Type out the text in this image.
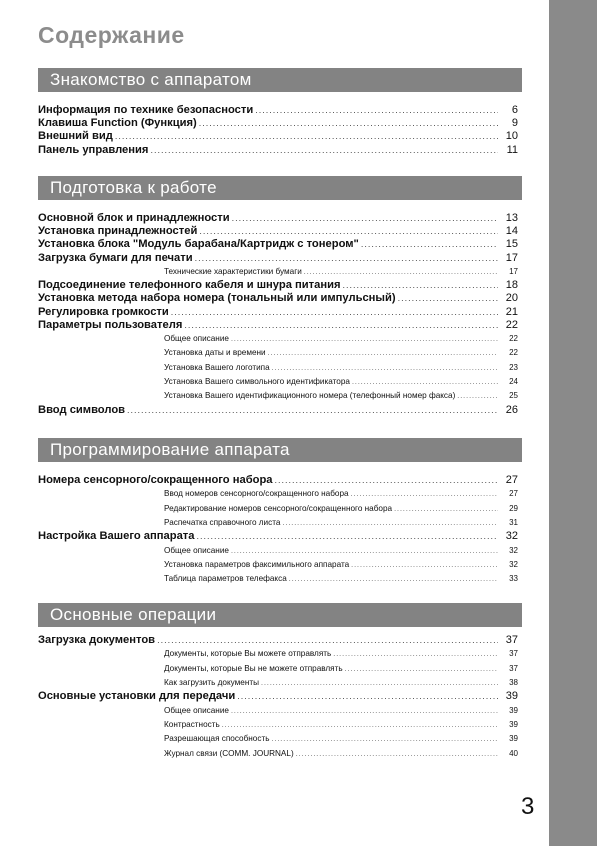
Содержание
Знакомство с аппаратом
Информация по технике безопасности .....	6
Клавиша Function (Функция) .....	9
Внешний вид .....	10
Панель управления .....	11
Подготовка к работе
Основной блок и принадлежности .....	13
Установка принадлежностей .....	14
Установка блока "Модуль барабана/Картридж с тонером" .....	15
Загрузка бумаги для печати .....	17
Технические характеристики бумаги .....	17
Подсоединение телефонного кабеля и шнура питания .....	18
Установка метода набора номера (тональный или импульсный) .....	20
Регулировка громкости .....	21
Параметры пользователя .....	22
Общее описание .....	22
Установка даты и времени .....	22
Установка Вашего логотипа .....	23
Установка Вашего символьного идентификатора .....	24
Установка Вашего идентификационного номера (телефонный номер факса) .....	25
Ввод символов .....	26
Программирование аппарата
Номера сенсорного/сокращенного набора .....	27
Ввод номеров сенсорного/сокращенного набора .....	27
Редактирование номеров сенсорного/сокращенного набора .....	29
Распечатка справочного листа .....	31
Настройка Вашего аппарата .....	32
Общее описание .....	32
Установка параметров факсимильного аппарата .....	32
Таблица параметров телефакса .....	33
Основные операции
Загрузка документов .....	37
Документы, которые Вы можете отправлять .....	37
Документы, которые Вы не можете отправлять .....	37
Как загрузить документы .....	38
Основные установки для передачи .....	39
Общее описание .....	39
Контрастность .....	39
Разрешающая способность .....	39
Журнал связи (COMM. JOURNAL) .....	40
3
